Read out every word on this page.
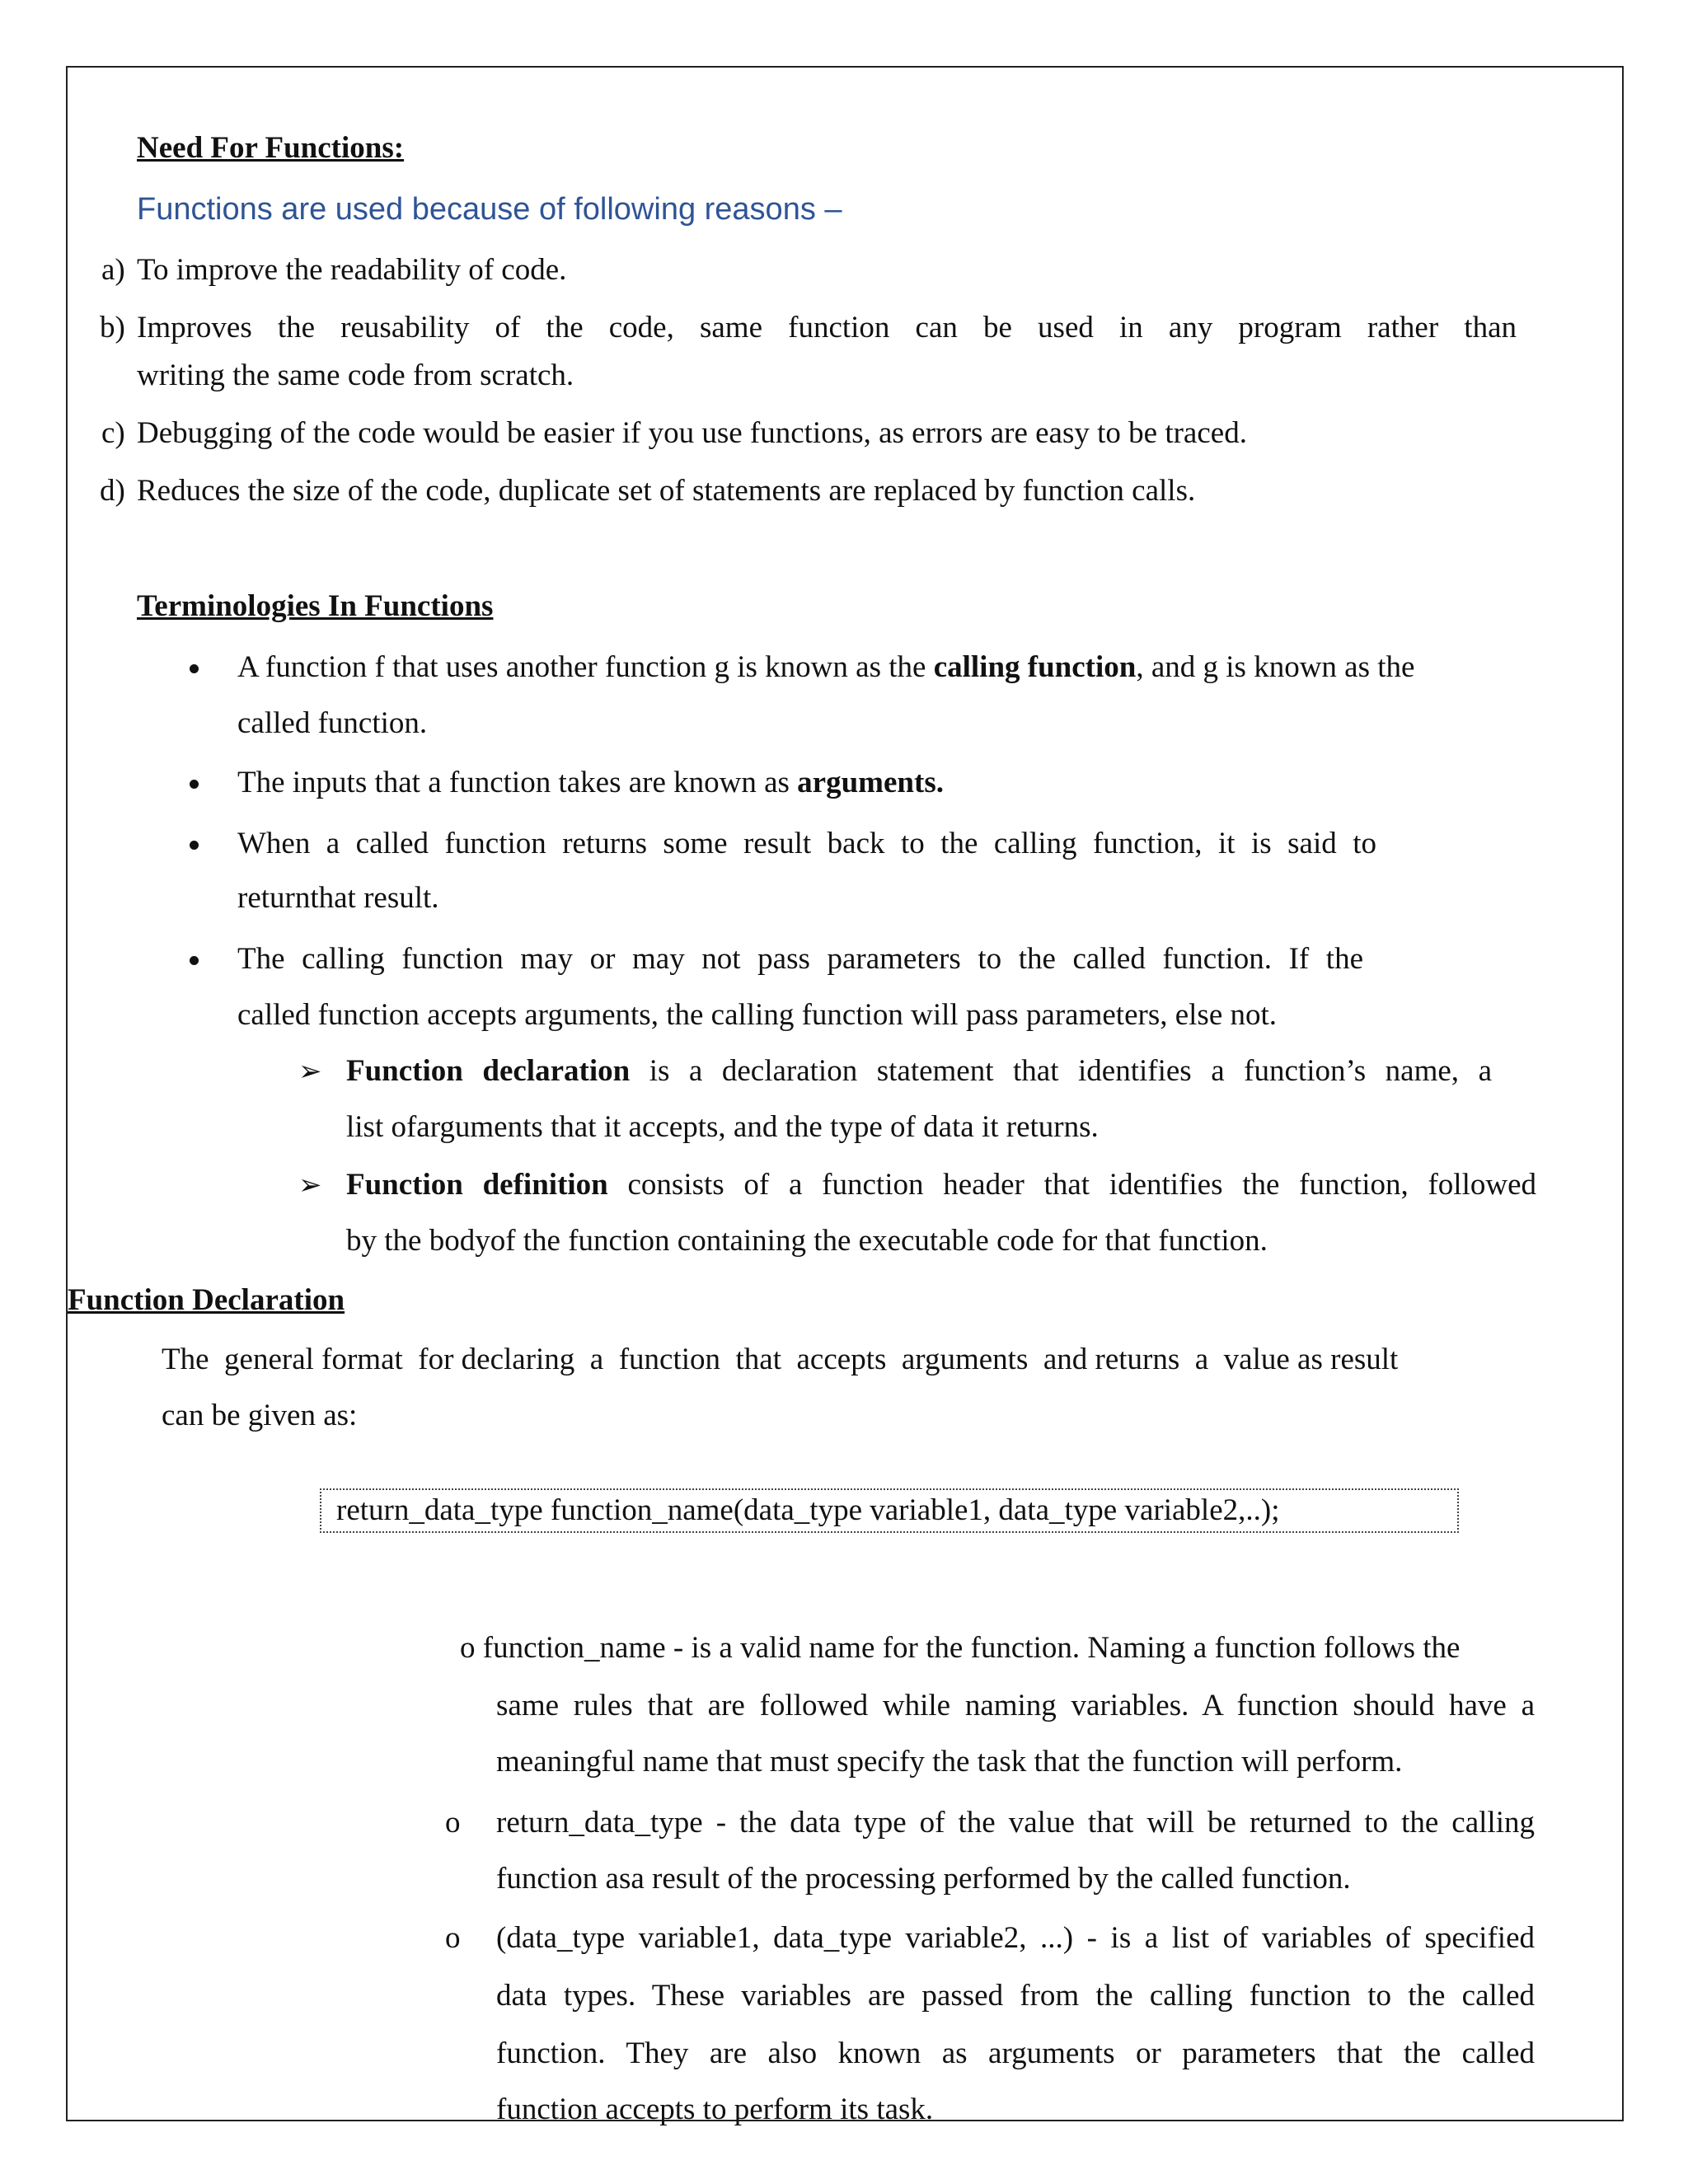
Need For Functions:
Functions are used because of following reasons –
a) To improve the readability of code.
b) Improves the reusability of the code, same function can be used in any program rather than
writing the same code from scratch.
c) Debugging of the code would be easier if you use functions, as errors are easy to be traced.
d) Reduces the size of the code, duplicate set of statements are replaced by function calls.
Terminologies In Functions
A function f that uses another function g is known as the calling function, and g is known as the
called function.
The inputs that a function takes are known as arguments.
When a called function returns some result back to the calling function, it is said to
returnthat result.
The calling function may or may not pass parameters to the called function. If the
called function accepts arguments, the calling function will pass parameters, else not.
➢ Function declaration is a declaration statement that identifies a function’s name, a
list ofarguments that it accepts, and the type of data it returns.
➢ Function definition consists of a function header that identifies the function, followed
by the bodyof the function containing the executable code for that function.
Function Declaration
The  general format  for declaring  a  function  that  accepts  arguments  and returns  a  value as result
can be given as:
return_data_type function_name(data_type variable1, data_type variable2,..);
o function_name - is a valid name for the function. Naming a function follows the
same rules that are followed while naming variables. A function should have a
meaningful name that must specify the task that the function will perform.
o return_data_type - the data type of the value that will be returned to the calling
function asa result of the processing performed by the called function.
o (data_type variable1, data_type variable2, ...) - is a list of variables of specified
data types. These variables are passed from the calling function to the called
function. They are also known as arguments or parameters that the called
function accepts to perform its task.
